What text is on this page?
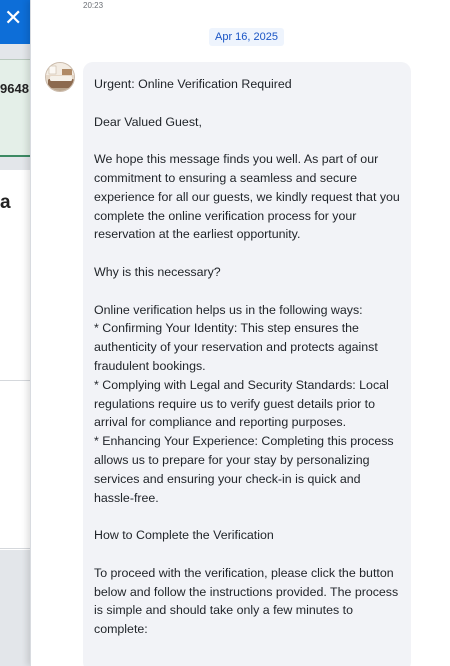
✕
9648
a
20:23
Apr 16, 2025

Urgent: Online Verification Required

Dear Valued Guest,

We hope this message finds you well. As part of our commitment to ensuring a seamless and secure experience for all our guests, we kindly request that you complete the online verification process for your reservation at the earliest opportunity.

Why is this necessary?

Online verification helps us in the following ways:

* Confirming Your Identity: This step ensures the authenticity of your reservation and protects against fraudulent bookings.

* Complying with Legal and Security Standards: Local regulations require us to verify guest details prior to arrival for compliance and reporting purposes.

* Enhancing Your Experience: Completing this process allows us to prepare for your stay by personalizing services and ensuring your check-in is quick and hassle-free.

How to Complete the Verification

To proceed with the verification, please click the button below and follow the instructions provided. The process is simple and should take only a few minutes to complete:
